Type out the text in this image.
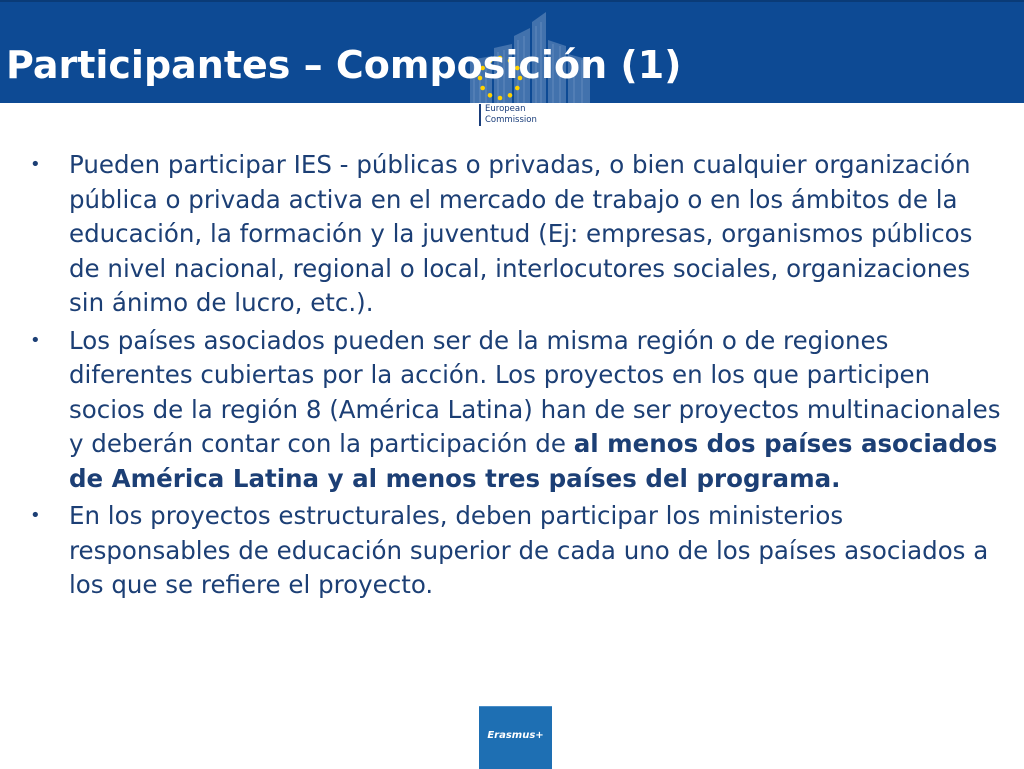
European
Commission
Participantes – Composición (1)
•	Pueden participar IES - públicas o privadas, o bien cualquier organización pública o privada activa en el mercado de trabajo o en los ámbitos de la educación, la formación y la juventud (Ej: empresas, organismos públicos de nivel nacional, regional o local, interlocutores sociales, organizaciones sin ánimo de lucro, etc.).
•	Los países asociados pueden ser de la misma región o de regiones diferentes cubiertas por la acción. Los proyectos en los que participen socios de la región 8 (América Latina) han de ser proyectos multinacionales y deberán contar con la participación de al menos dos países asociados de América Latina y al menos tres países del programa.
•	En los proyectos estructurales, deben participar los ministerios responsables de educación superior de cada uno de los países asociados a los que se refiere el proyecto.
Erasmus+
